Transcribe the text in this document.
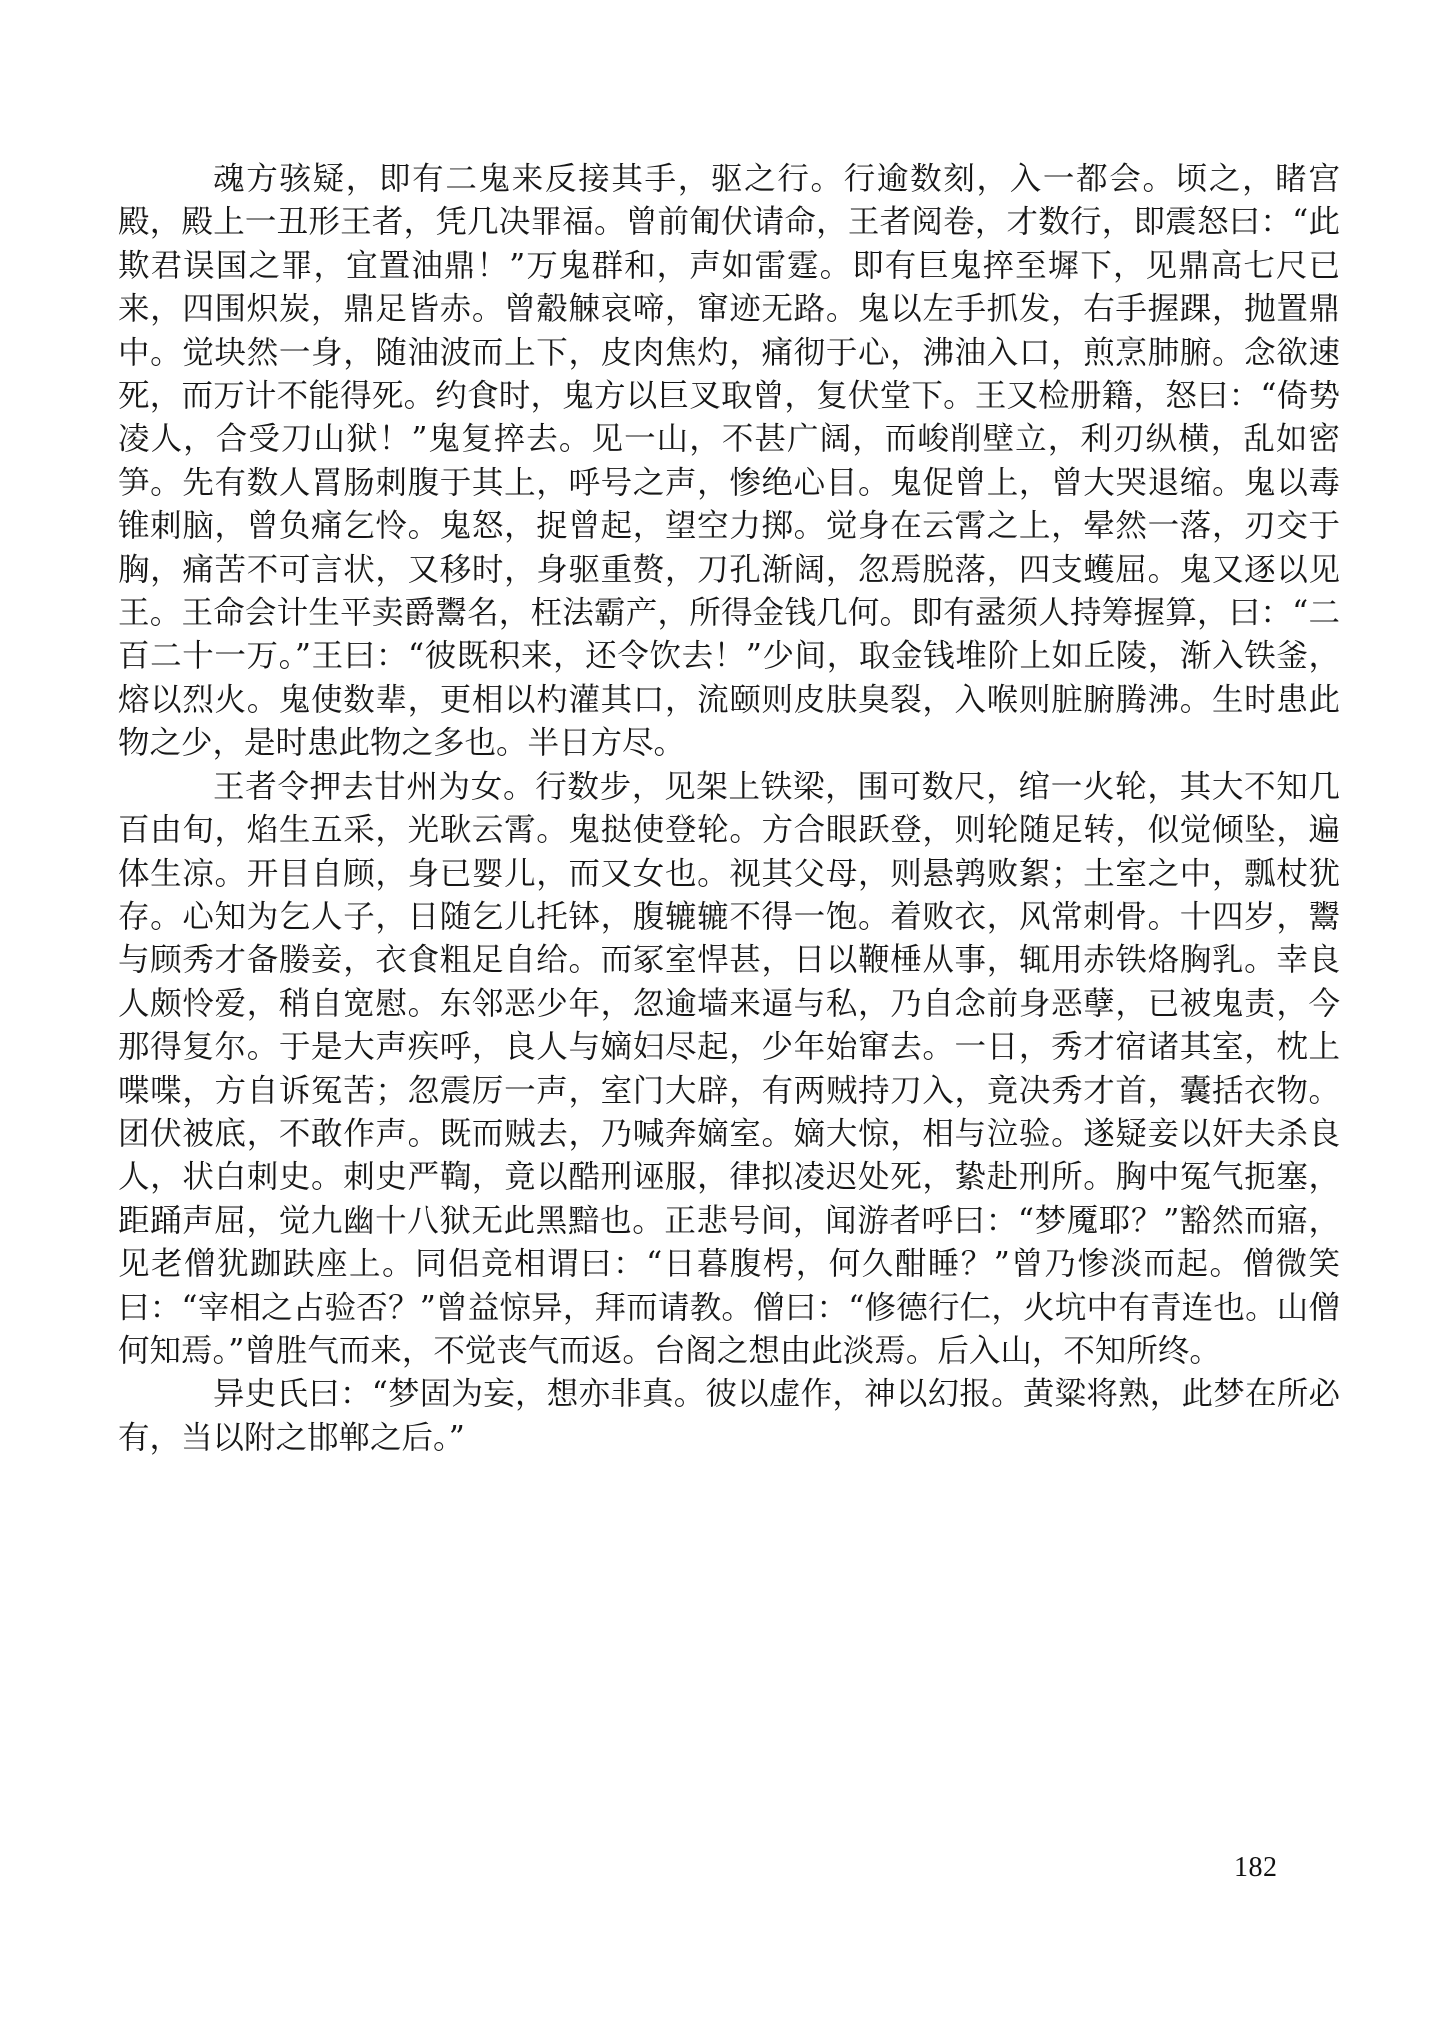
魂方骇疑，即有二鬼来反接其手，驱之行。行逾数刻，入一都会。顷之，睹宫殿，殿上一丑形王者，凭几决罪福。曾前匍伏请命，王者阅卷，才数行，即震怒曰：“此欺君误国之罪，宜置油鼎！”万鬼群和，声如雷霆。即有巨鬼捽至墀下，见鼎高七尺已来，四围炽炭，鼎足皆赤。曾觳觫哀啼，窜迹无路。鬼以左手抓发，右手握踝，抛置鼎中。觉块然一身，随油波而上下，皮肉焦灼，痛彻于心，沸油入口，煎烹肺腑。念欲速死，而万计不能得死。约食时，鬼方以巨叉取曾，复伏堂下。王又检册籍，怒曰：“倚势凌人，合受刀山狱！”鬼复捽去。见一山，不甚广阔，而峻削壁立，利刃纵横，乱如密笋。先有数人罥肠刺腹于其上，呼号之声，惨绝心目。鬼促曾上，曾大哭退缩。鬼以毒锥刺脑，曾负痛乞怜。鬼怒，捉曾起，望空力掷。觉身在云霄之上，晕然一落，刃交于胸，痛苦不可言状，又移时，身驱重赘，刀孔渐阔，忽焉脱落，四支蠖屈。鬼又逐以见王。王命会计生平卖爵鬻名，枉法霸产，所得金钱几何。即有盝须人持筹握算，曰：“二百二十一万。”王曰：“彼既积来，还令饮去！”少间，取金钱堆阶上如丘陵，渐入铁釜，熔以烈火。鬼使数辈，更相以杓灌其口，流颐则皮肤臭裂，入喉则脏腑腾沸。生时患此物之少，是时患此物之多也。半日方尽。

王者令押去甘州为女。行数步，见架上铁梁，围可数尺，绾一火轮，其大不知几百由旬，焰生五采，光耿云霄。鬼挞使登轮。方合眼跃登，则轮随足转，似觉倾坠，遍体生凉。开目自顾，身已婴儿，而又女也。视其父母，则悬鹑败絮；土室之中，瓢杖犹存。心知为乞人子，日随乞儿托钵，腹辘辘不得一饱。着败衣，风常刺骨。十四岁，鬻与顾秀才备媵妾，衣食粗足自给。而冢室悍甚，日以鞭棰从事，辄用赤铁烙胸乳。幸良人颇怜爱，稍自宽慰。东邻恶少年，忽逾墙来逼与私，乃自念前身恶孽，已被鬼责，今那得复尔。于是大声疾呼，良人与嫡妇尽起，少年始窜去。一日，秀才宿诸其室，枕上喋喋，方自诉冤苦；忽震厉一声，室门大辟，有两贼持刀入，竟决秀才首，囊括衣物。团伏被底，不敢作声。既而贼去，乃喊奔嫡室。嫡大惊，相与泣验。遂疑妾以奸夫杀良人，状白刺史。刺史严鞫，竟以酷刑诬服，律拟凌迟处死，絷赴刑所。胸中冤气扼塞，距踊声屈，觉九幽十八狱无此黑黯也。正悲号间，闻游者呼曰：“梦魇耶？”豁然而寤，见老僧犹跏趺座上。同侣竞相谓曰：“日暮腹枵，何久酣睡？”曾乃惨淡而起。僧微笑曰：“宰相之占验否？”曾益惊异，拜而请教。僧曰：“修德行仁，火坑中有青连也。山僧何知焉。”曾胜气而来，不觉丧气而返。台阁之想由此淡焉。后入山，不知所终。

异史氏曰：“梦固为妄，想亦非真。彼以虚作，神以幻报。黄粱将熟，此梦在所必有，当以附之邯郸之后。”

182
